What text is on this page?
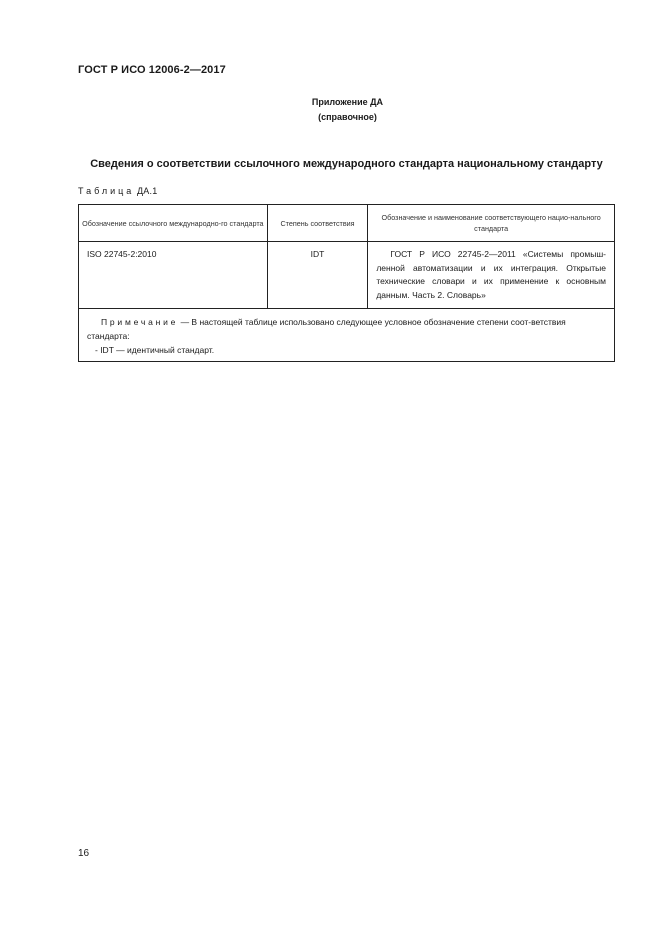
ГОСТ Р ИСО 12006-2—2017
Приложение ДА
(справочное)
Сведения о соответствии ссылочного международного стандарта национальному стандарту
Таблица ДА.1
Обозначение ссылочного международно-го стандарта	Степень соответствия	Обозначение и наименование соответствующего нацио-нального стандарта
ISO 22745-2:2010	IDT	ГОСТ Р ИСО 22745-2—2011 «Системы промыш-ленной автоматизации и их интеграция. Открытые технические словари и их применение к основным данным. Часть 2. Словарь»

Примечание — В настоящей таблице использовано следующее условное обозначение степени соот-ветствия стандарта:
- IDT — идентичный стандарт.		
16
